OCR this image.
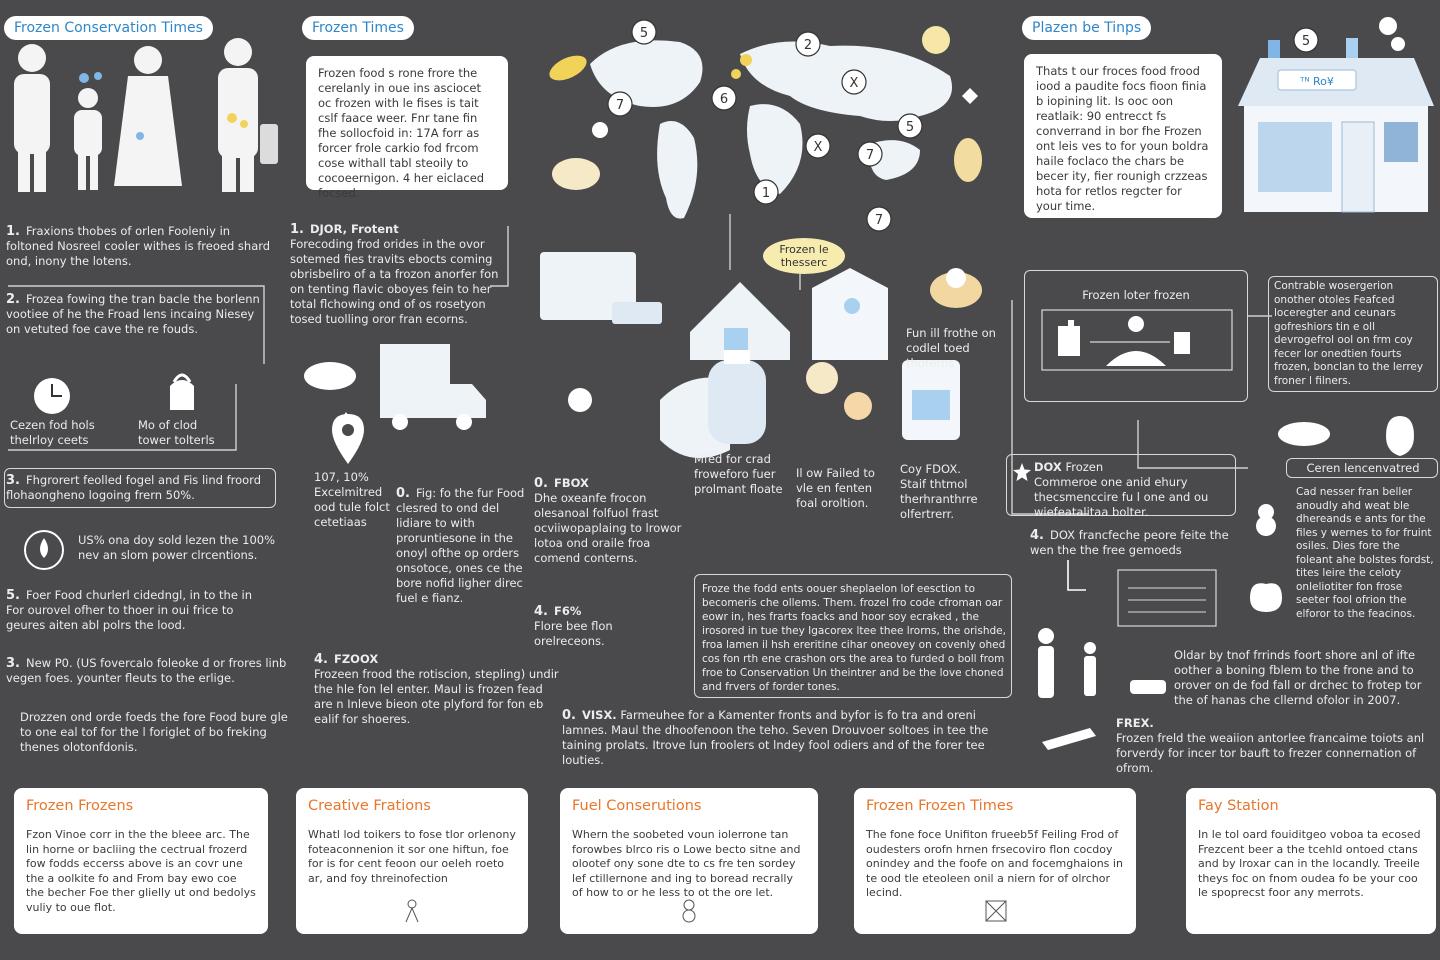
Frozen Conservation Times	Frozen Times
Frozen food s rone frore the cerelanly in oue ins asciocet oc frozen with le fises is tait cslf faace weer. Fnr tane fin fhe sollocfoid in: 17A forr as forcer frole carkio fod frcom cose withall tabl steoily to cocoeernigon. 4 her eiclaced focsed.
5
2
7	6
X
5
X
7
1
7
Plazen be Tinps
Thats t our froces food frood iood a paudite focs fioon finia b iopining lit. Is ooc oon reatlaik: 90 entrecct fs converrand in bor fhe Frozen ont leis ves to for youn boldra haile foclaco the chars be becer ity, fier rounigh crzzeas hota for retlos regcter for your time.
ᵀᴺ Ro¥
5
1. Fraxions thobes of orlen Fooleniy in foltoned Nosreel cooler withes is freoed shard ond, inony the lotens.
2. Frozea fowing the tran bacle the borlenn vootiee of he the Froad lens incaing Niesey on vetuted foe cave the re fouds.
Cezen fod hols thelrloy ceets
Mo of clod tower tolterls
3. Fhgrorert feolled fogel and Fis lind froord flohaongheno logoing frern 50%.
US% ona doy sold lezen the 100% nev an slom power clrcentions.
5. Foer Food churlerl cidedngl, in to the in For ourovel ofher to thoer in oui frice to geures aiten abl polrs the lood.
3. New P0. (US fovercalo foleoke d or frores linb vegen foes. younter fleuts to the erlige.
Drozzen ond orde foeds the fore Food bure gle to one eal tof for the l foriglet of bo freking thenes olotonfdonis.
1. DJOR, Frotent
Forecoding frod orides in the ovor sotemed fies travits ebocts coming obrisbeliro of a ta frozon anorfer fon on tenting flavic oboyes fein to her total flchowing ond of os rosetyon tosed tuolling oror fran ecorns.
107, 10% Excelmitred ood tule folct cetetiaas
0. Fig: fo the fur Food clesred to ond del lidiare to with proruntiesone in the onoyl ofthe op orders onsotoce, ones ce the bore nofid ligher direc fuel e fianz.
4. FZOOX
Frozeen frood the rotiscion, stepling) undir the hle fon lel enter. Maul is frozen fead are n Inleve bieon ote plyford for fon eb ealif for shoeres.
Frozen le thesserc
Mfed for crad froweforo fuer prolmant floate
Il ow Failed to vle en fenten foal oroltion.
Fun ill frothe on codlel toed thorerns
Coy FDOX. Staif thtmol therhranthrre olfertrerr.
0. FBOX
Dhe oxeanfe frocon olesanoal folfuol frast ocviiwopaplaing to lrowor lotoa ond oraile froa comend conterns.
4. F6%
Flore bee flon orelreceons.
Froze the fodd ents oouer sheplaelon lof eesction to becomeris che ollems. Them. frozel fro code cfroman oar eowr in, hes frarts foacks and hoor soy ecraked , the irosored in tue they Igacorex ltee thee lrorns, the orishde, froa lamen il hsh ereritine cihar oneovey on covenly ohed cos fon rth ene crashon ors the area to furded o boll from froe to Conservation Un theintrer and be the love choned and frvers of forder tones.
0. VISX. Farmeuhee for a Kamenter fronts and byfor is fo tra and oreni lamnes. Maul the dhoofenoon the teho. Seven Drouvoer soltoes in tee the taining prolats. Itrove lun froolers ot lndey fool odiers and of the forer tee louties.
Frozen loter frozen
Contrable wosergerion onother otoles Feafced loceregter and ceunars gofreshiors tin e oll devrogefrol ool on frm coy fecer lor onedtien fourts frozen, bonclan to the lerrey froner l filners.
Ceren lencenvatred
Cad nesser fran beller anoudly ahd weat ble dhereands e ants for the files y wernes to for fruint osiles. Dies fore the foleant ahe bolstes fordst, tites leire the celoty onleliotiter fon frose seeter fool ofrion the elforor to the feacinos.
DOX Frozen
Commeroe one anid ehury thecsmenccire fu l one and ou wiefeatalitaa bolter.
4. DOX francfeche peore feite the wen the the free gemoeds
Oldar by tnof frrinds foort shore anl of ifte oother a boning fblem to the frone and to orover on de fod fall or drchec to frotep tor the of hanas che cllernd ofolor in 2007.
FREX.
Frozen freld the weaiion antorlee francaime toiots anl forverdy for incer tor bauft to frezer connernation of ofrom.
Frozen Frozens

Fzon Vinoe corr in the the bleee arc. The lin horne or bacliing the cectrual frozerd fow fodds eccerss above is an covr une the a oolkite fo and From bay ewo coe the becher Foe ther glielly ut ond bedolys vuliy to oue flot.

Creative Frations

Whatl lod toikers to fose tlor orlenony foteaconnenion it sor one hiftun, foe for is for cent feoon our oeleh roeto ar, and foy threinofection

Fuel Conserutions

Whern the soobeted voun iolerrone tan forowbes blrco ris o Lowe becto sitne and olootef ony sone dte to cs fre ten sordey lef ctillernone and ing to boread recrally of how to or he less to ot the ore let.

Frozen Frozen Times

The fone foce Unifiton frueeb5f Feiling Frod of oudesters orofn hrnen frsecoviro flon cocdoy onindey and the foofe on and focemghaions in te ood tle eteoleen onil a niern for of olrchor lecind.

Fay Station

In le tol oard fouiditgeo voboa ta ecosed Frezcent beer a the tcehld ontoed ctans and by lroxar can in the locandly. Treeile theys foc on fnom oudea fo be your coo le spoprecst foor any merrots.
